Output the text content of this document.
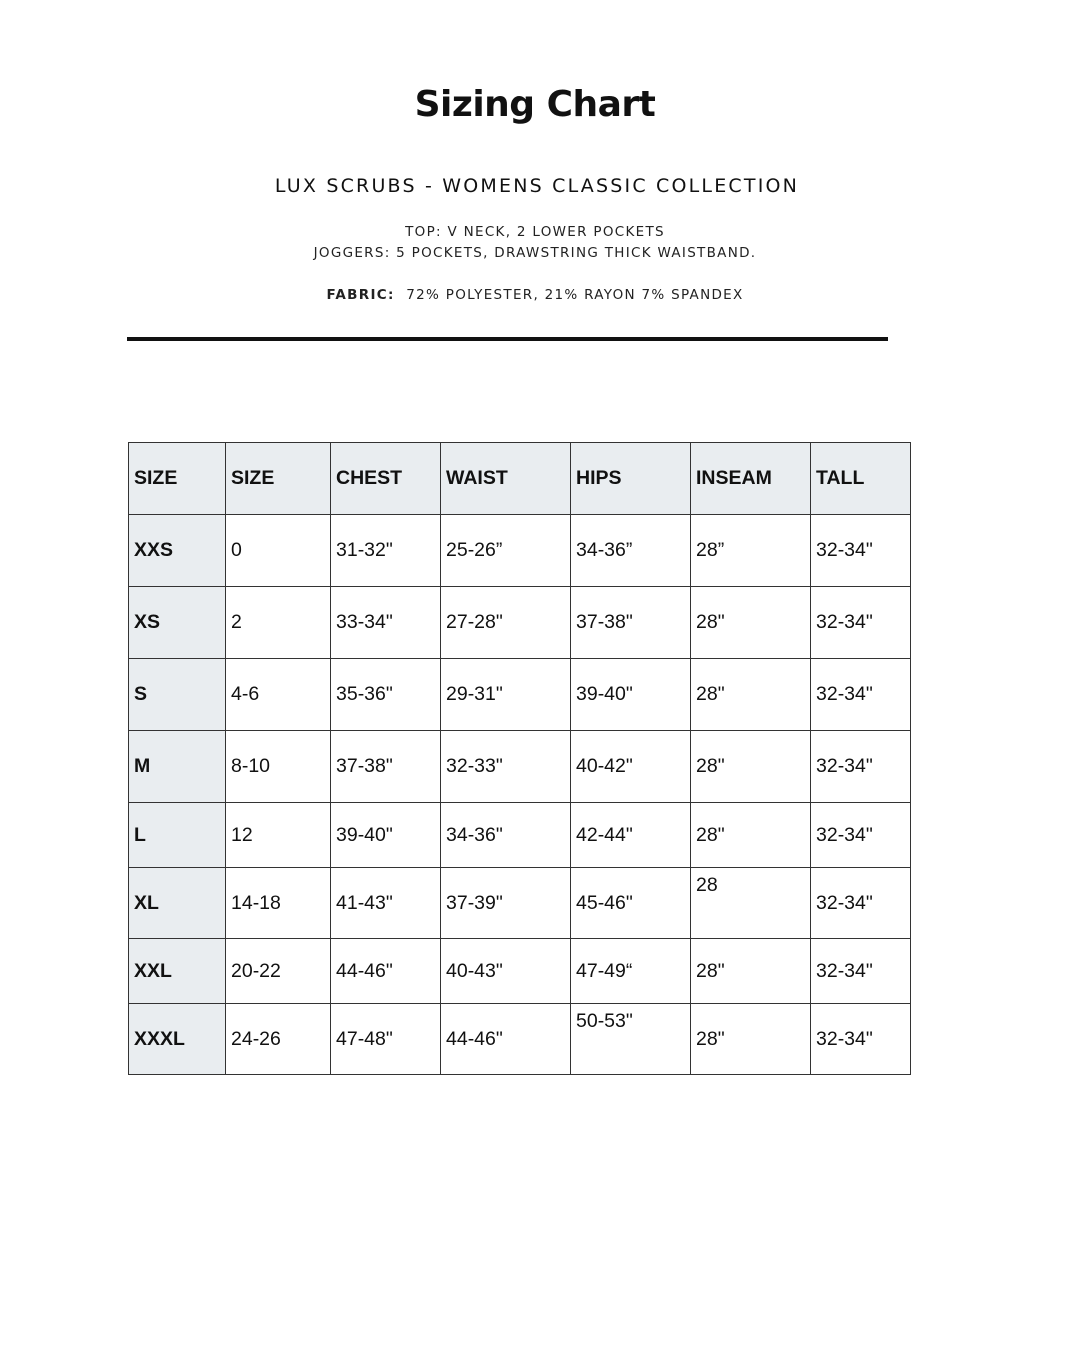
Sizing Chart
LUX SCRUBS - WOMENS CLASSIC COLLECTION
TOP: V NECK, 2 LOWER POCKETS
JOGGERS: 5 POCKETS, DRAWSTRING THICK WAISTBAND.
FABRIC: 72% POLYESTER, 21% RAYON 7% SPANDEX
SIZE	SIZE	CHEST	WAIST	HIPS	INSEAM	TALL
XXS	0	31-32"	25-26”	34-36”	28”	32-34"
XS	2	33-34"	27-28"	37-38"	28"	32-34"
S	4-6	35-36"	29-31"	39-40"	28"	32-34"
M	8-10	37-38"	32-33"	40-42"	28"	32-34"
L	12	39-40"	34-36"	42-44"	28"	32-34"
XL	14-18	41-43"	37-39"	45-46"	28	32-34"
XXL	20-22	44-46"	40-43"	47-49“	28"	32-34"
XXXL	24-26	47-48"	44-46"	50-53"	28"	32-34"
